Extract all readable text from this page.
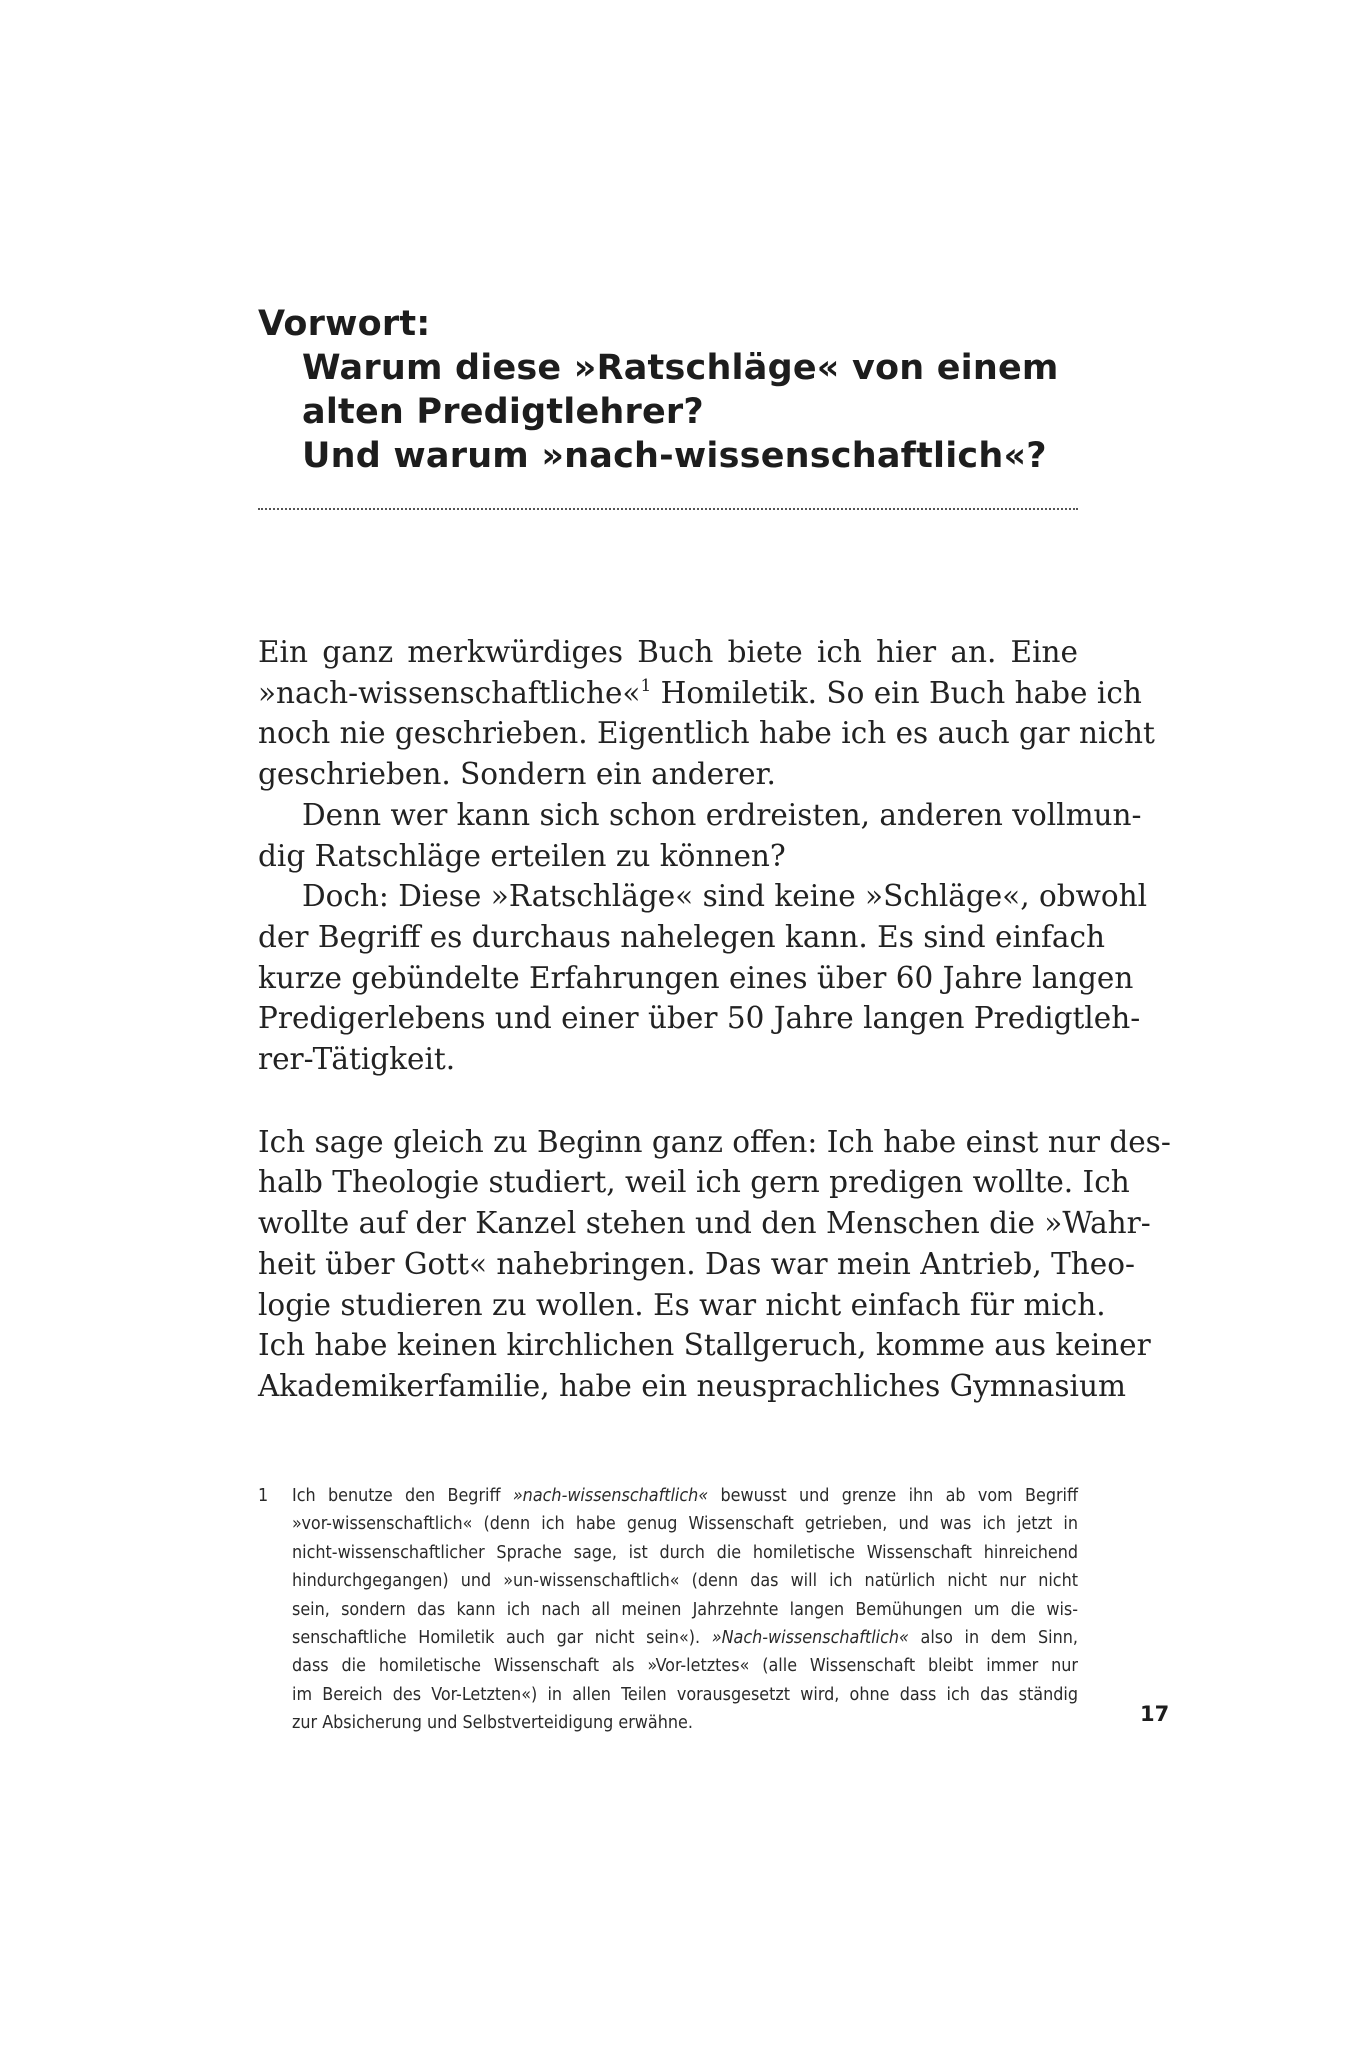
Vorwort:
Warum diese »Ratschläge« von einem
alten Predigtlehrer?
Und warum »nach-wissenschaftlich«?
Ein ganz merkwürdiges Buch biete ich hier an. Eine
»nach-wissenschaftliche«$^1$ Homiletik. So ein Buch habe ich
noch nie geschrieben. Eigentlich habe ich es auch gar nicht
geschrieben. Sondern ein anderer.
Denn wer kann sich schon erdreisten, anderen vollmun-
dig Ratschläge erteilen zu können?
Doch: Diese »Ratschläge« sind keine »Schläge«, obwohl
der Begriff es durchaus nahelegen kann. Es sind einfach
kurze gebündelte Erfahrungen eines über 60 Jahre langen
Predigerlebens und einer über 50 Jahre langen Predigtleh-
rer-Tätigkeit.
Ich sage gleich zu Beginn ganz offen: Ich habe einst nur des-
halb Theologie studiert, weil ich gern predigen wollte. Ich
wollte auf der Kanzel stehen und den Menschen die »Wahr-
heit über Gott« nahebringen. Das war mein Antrieb, Theo-
logie studieren zu wollen. Es war nicht einfach für mich.
Ich habe keinen kirchlichen Stallgeruch, komme aus keiner
Akademikerfamilie, habe ein neusprachliches Gymnasium
1 Ich benutze den Begriff »nach-wissenschaftlich« bewusst und grenze ihn ab vom Begriff
»vor-wissenschaftlich« (denn ich habe genug Wissenschaft getrieben, und was ich jetzt in
nicht-wissenschaftlicher Sprache sage, ist durch die homiletische Wissenschaft hinreichend
hindurchgegangen) und »un-wissenschaftlich« (denn das will ich natürlich nicht nur nicht
sein, sondern das kann ich nach all meinen Jahrzehnte langen Bemühungen um die wis-
senschaftliche Homiletik auch gar nicht sein«). »Nach-wissenschaftlich« also in dem Sinn,
dass die homiletische Wissenschaft als »Vor-letztes« (alle Wissenschaft bleibt immer nur
im Bereich des Vor-Letzten«) in allen Teilen vorausgesetzt wird, ohne dass ich das ständig
zur Absicherung und Selbstverteidigung erwähne.	17
